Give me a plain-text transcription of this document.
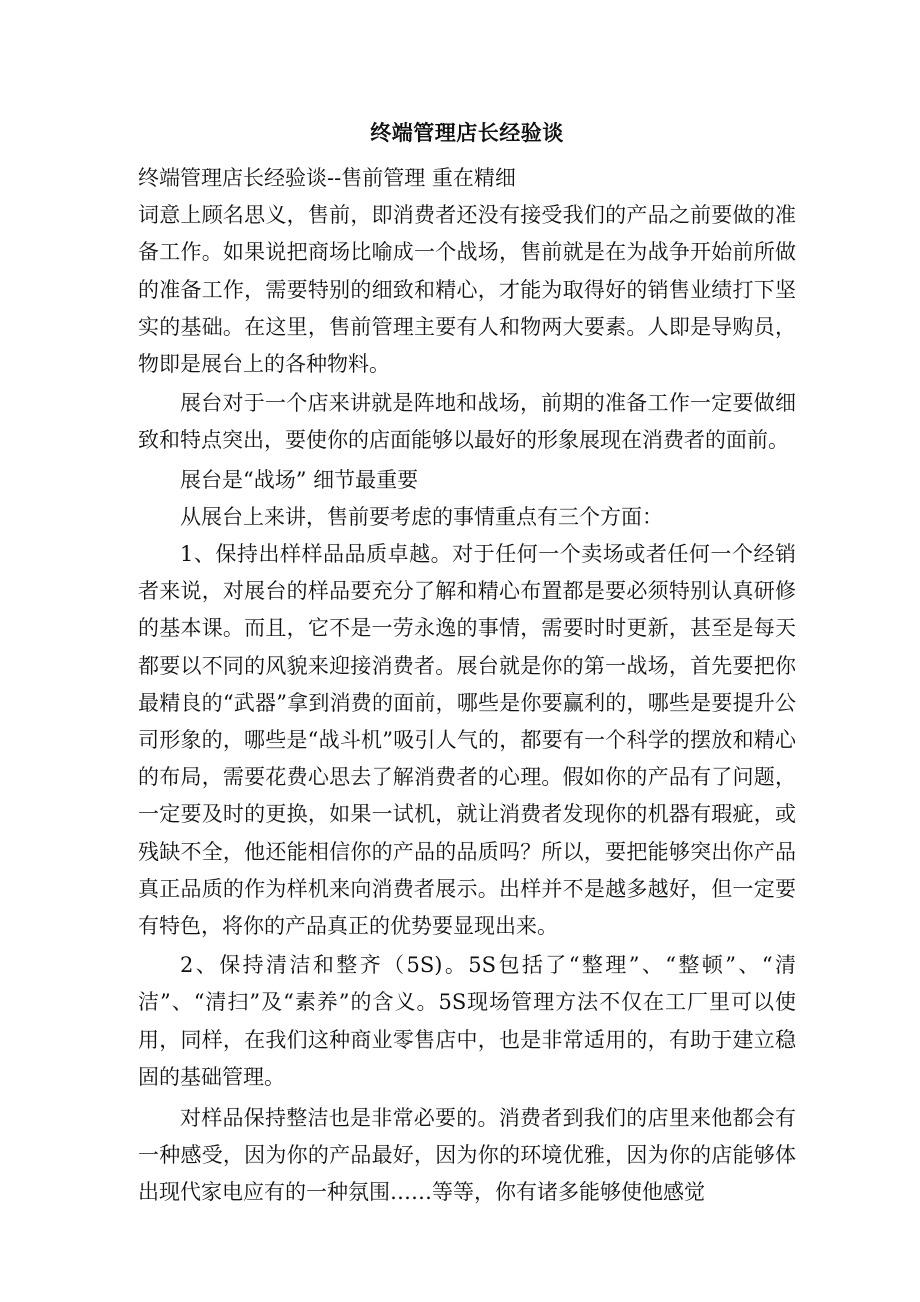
终端管理店长经验谈

终端管理店长经验谈--售前管理 重在精细

词意上顾名思义，售前，即消费者还没有接受我们的产品之前要做的准备工作。如果说把商场比喻成一个战场，售前就是在为战争开始前所做的准备工作，需要特别的细致和精心，才能为取得好的销售业绩打下坚实的基础。在这里，售前管理主要有人和物两大要素。人即是导购员，物即是展台上的各种物料。

展台对于一个店来讲就是阵地和战场，前期的准备工作一定要做细致和特点突出，要使你的店面能够以最好的形象展现在消费者的面前。

展台是“战场” 细节最重要

从展台上来讲，售前要考虑的事情重点有三个方面：

1、保持出样样品品质卓越。对于任何一个卖场或者任何一个经销者来说，对展台的样品要充分了解和精心布置都是要必须特别认真研修的基本课。而且，它不是一劳永逸的事情，需要时时更新，甚至是每天都要以不同的风貌来迎接消费者。展台就是你的第一战场，首先要把你最精良的“武器”拿到消费的面前，哪些是你要赢利的，哪些是要提升公司形象的，哪些是“战斗机”吸引人气的，都要有一个科学的摆放和精心的布局，需要花费心思去了解消费者的心理。假如你的产品有了问题，一定要及时的更换，如果一试机，就让消费者发现你的机器有瑕疵，或残缺不全，他还能相信你的产品的品质吗？所以，要把能够突出你产品真正品质的作为样机来向消费者展示。出样并不是越多越好，但一定要有特色，将你的产品真正的优势要显现出来。

2、保持清洁和整齐（5S)。5S包括了“整理”、“整顿”、“清洁”、“清扫”及“素养”的含义。5S现场管理方法不仅在工厂里可以使用，同样，在我们这种商业零售店中，也是非常适用的，有助于建立稳固的基础管理。

对样品保持整洁也是非常必要的。消费者到我们的店里来他都会有一种感受，因为你的产品最好，因为你的环境优雅，因为你的店能够体出现代家电应有的一种氛围……等等，你有诸多能够使他感觉
